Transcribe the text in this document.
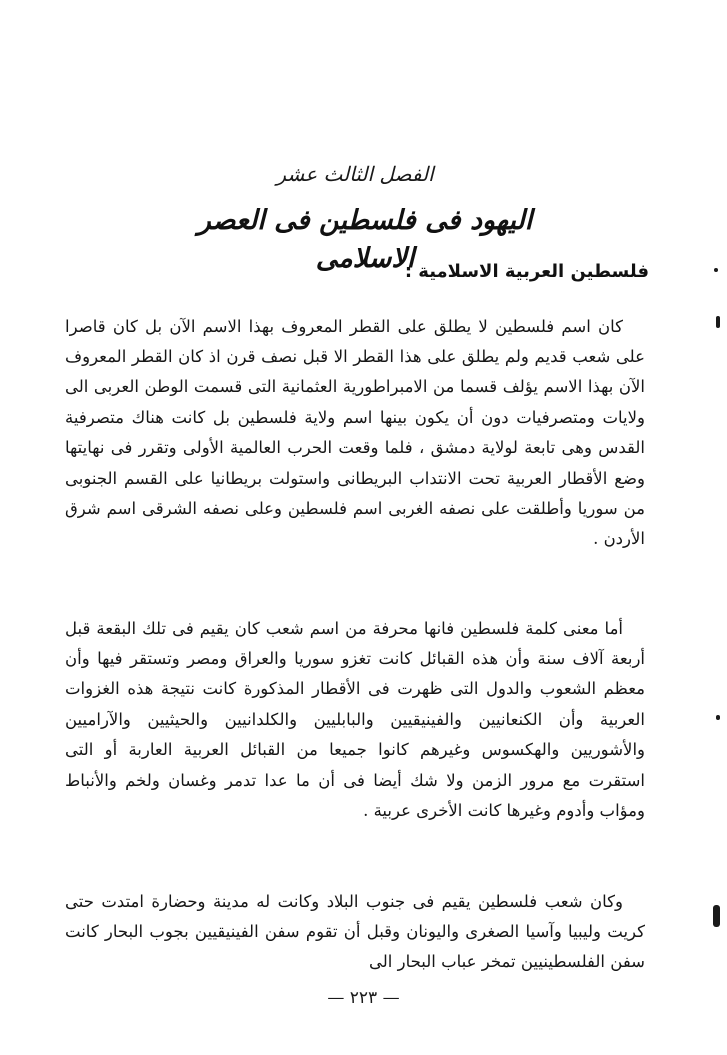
الفصل الثالث عشر
اليهود فى فلسطين فى العصر الاسلامى
فلسطين العربية الاسلامية :

كان اسم فلسطين لا يطلق على القطر المعروف بهذا الاسم الآن بل كان قاصرا على شعب قديم ولم يطلق على هذا القطر الا قبل نصف قرن اذ كان القطر المعروف الآن بهذا الاسم يؤلف قسما من الامبراطورية العثمانية التى قسمت الوطن العربى الى ولايات ومتصرفيات دون أن يكون بينها اسم ولاية فلسطين بل كانت هناك متصرفية القدس وهى تابعة لولاية دمشق ، فلما وقعت الحرب العالمية الأولى وتقرر فى نهايتها وضع الأقطار العربية تحت الانتداب البريطانى واستولت بريطانيا على القسم الجنوبى من سوريا وأطلقت على نصفه الغربى اسم فلسطين وعلى نصفه الشرقى اسم شرق الأردن .

أما معنى كلمة فلسطين فانها محرفة من اسم شعب كان يقيم فى تلك البقعة قبل أربعة آلاف سنة وأن هذه القبائل كانت تغزو سوريا والعراق ومصر وتستقر فيها وأن معظم الشعوب والدول التى ظهرت فى الأقطار المذكورة كانت نتيجة هذه الغزوات العربية وأن الكنعانيين والفينيقيين والبابليين والكلدانيين والحيثيين والآراميين والأشوريين والهكسوس وغيرهم كانوا جميعا من القبائل العربية العاربة أو التى استقرت مع مرور الزمن ولا شك أيضا فى أن ما عدا تدمر وغسان ولخم والأنباط ومؤاب وأدوم وغيرها كانت الأخرى عربية .

وكان شعب فلسطين يقيم فى جنوب البلاد وكانت له مدينة وحضارة امتدت حتى كريت وليبيا وآسيا الصغرى واليونان وقبل أن تقوم سفن الفينيقيين بجوب البحار كانت سفن الفلسطينيين تمخر عباب البحار الى

— ٢٢٣ —
